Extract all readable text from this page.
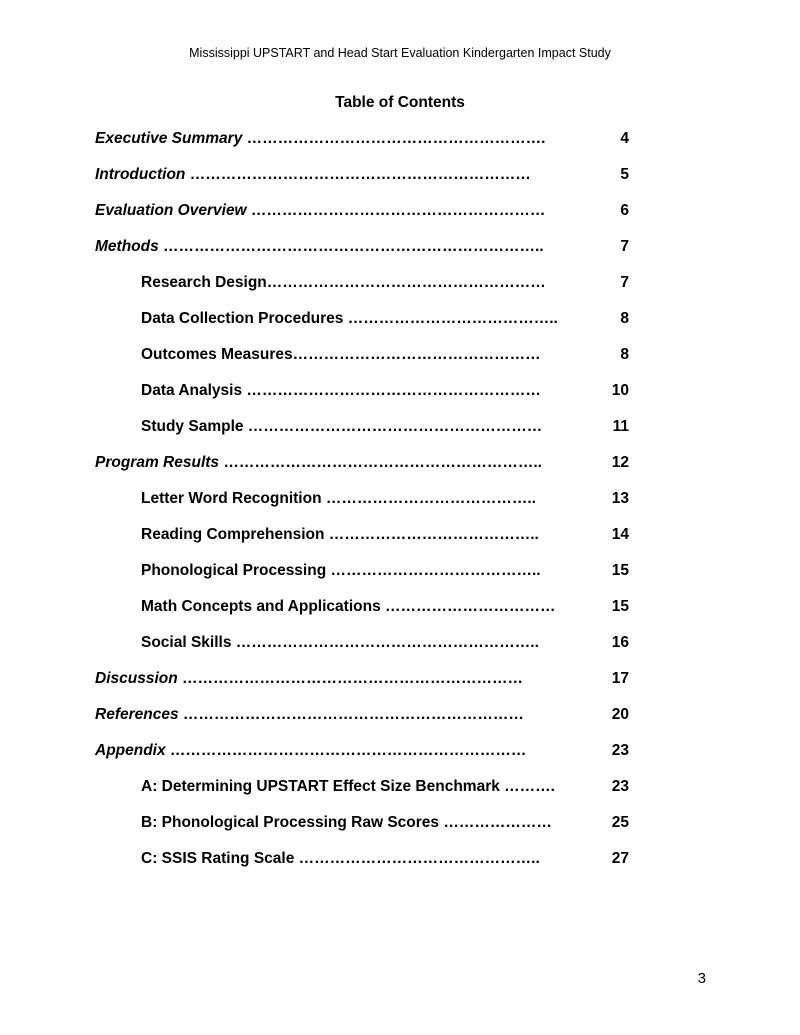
Mississippi UPSTART and Head Start Evaluation Kindergarten Impact Study
Table of Contents
Executive Summary ………………………………………………….	4
Introduction …………………………………………………………	5
Evaluation Overview …………………………………………………	6
Methods ………………………………………………………………..	7
Research Design………………………………………………	7
Data Collection Procedures …………………………………..	8
Outcomes Measures…………………………………………	8
Data Analysis …………………………………………………	10
Study Sample …………………………………………………	11
Program Results ……………………………………………………..	12
Letter Word Recognition …………………………………..	13
Reading Comprehension …………………………………..	14
Phonological Processing …………………………………..	15
Math Concepts and Applications ……………………………	15
Social Skills …………………………………………………..	16
Discussion …………………………………………………………	17
References …………………………………………………………	20
Appendix ……………………………………………………………	23
A: Determining UPSTART Effect Size Benchmark ……….	23
B: Phonological Processing Raw Scores …………………	25
C: SSIS Rating Scale ………………………………………..	27
3
